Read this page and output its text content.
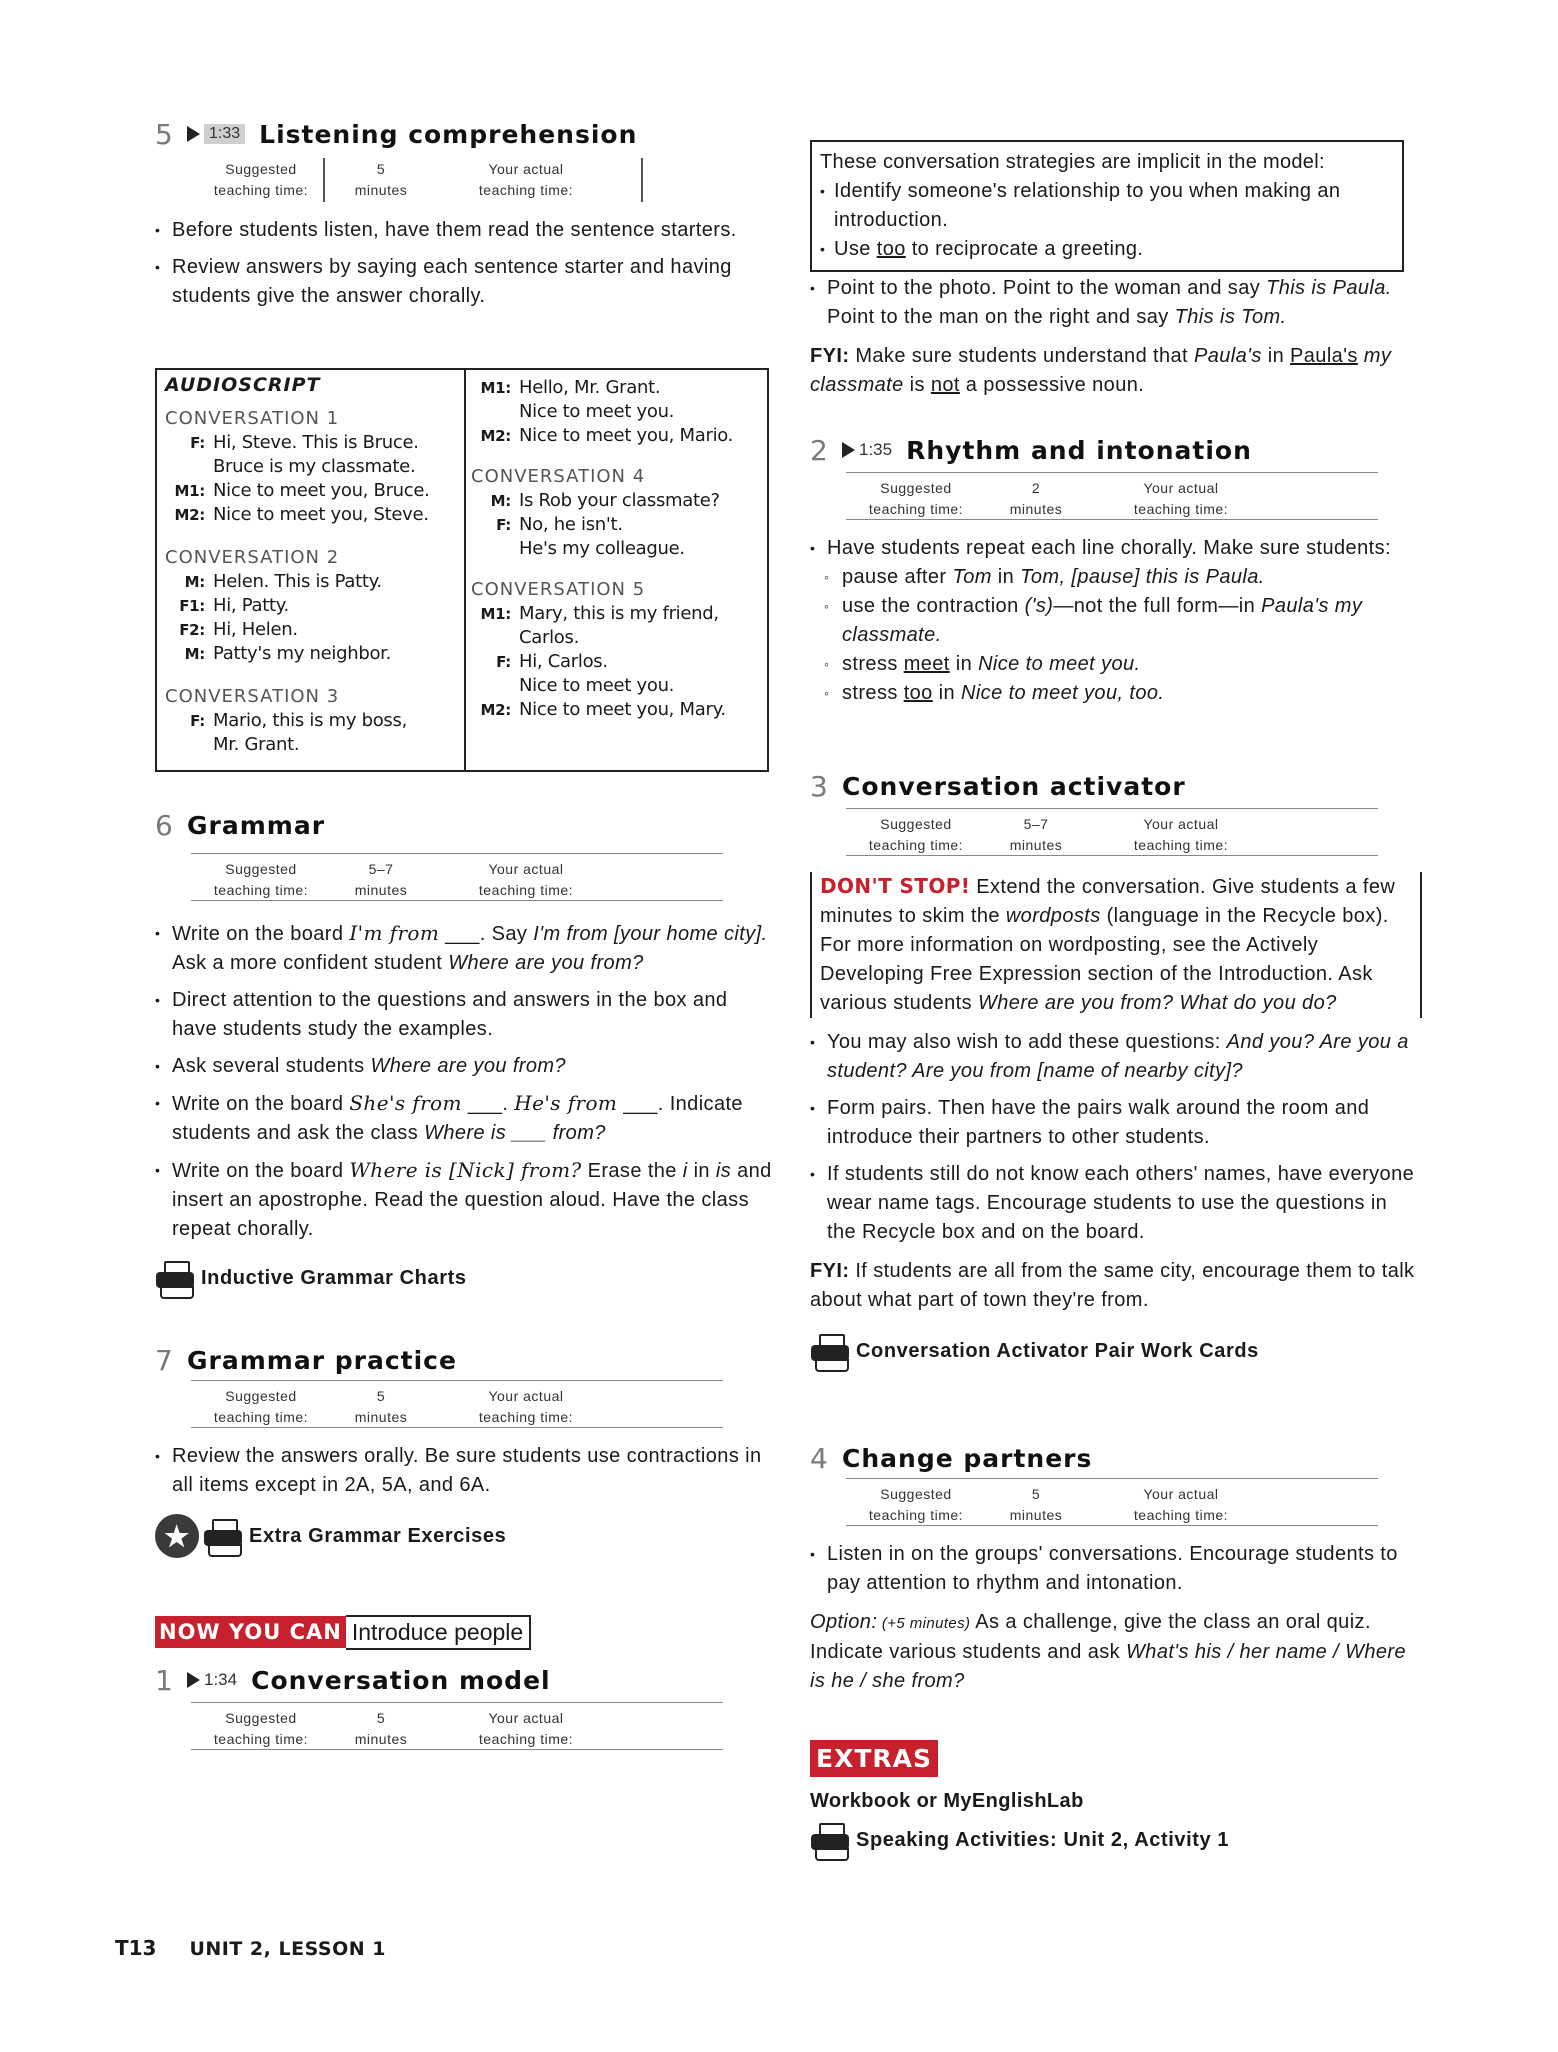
5	1:33 Listening comprehension
Suggested
teaching time:
5
minutes
Your actual
teaching time:
• Before students listen, have them read the sentence starters.
• Review answers by saying each sentence starter and having students give the answer chorally.
AUDIOSCRIPT
CONVERSATION 1
F: Hi, Steve. This is Bruce.
Bruce is my classmate.
M1: Nice to meet you, Bruce.
M2: Nice to meet you, Steve.
CONVERSATION 2
M: Helen. This is Patty.
F1: Hi, Patty.
F2: Hi, Helen.
M: Patty's my neighbor.
CONVERSATION 3
F: Mario, this is my boss,
Mr. Grant.
M1: Hello, Mr. Grant.
Nice to meet you.
M2: Nice to meet you, Mario.
CONVERSATION 4
M: Is Rob your classmate?
F: No, he isn't.
He's my colleague.
CONVERSATION 5
M1: Mary, this is my friend,
Carlos.
F: Hi, Carlos.
Nice to meet you.
M2: Nice to meet you, Mary.
6 Grammar
Suggested
teaching time:
5–7
minutes
Your actual
teaching time:
• Write on the board I'm from ___. Say I'm from [your home city]. Ask a more confident student Where are you from?
• Direct attention to the questions and answers in the box and have students study the examples.
• Ask several students Where are you from?
• Write on the board She's from ___. He's from ___. Indicate students and ask the class Where is ___ from?
• Write on the board Where is [Nick] from? Erase the i in is and insert an apostrophe. Read the question aloud. Have the class repeat chorally.
Inductive Grammar Charts
7 Grammar practice
Suggested
teaching time:
5
minutes
Your actual
teaching time:
• Review the answers orally. Be sure students use contractions in all items except in 2A, 5A, and 6A.
★	Extra Grammar Exercises
NOW YOU CAN Introduce people
1	1:34 Conversation model
Suggested
teaching time:
5
minutes
Your actual
teaching time:
These conversation strategies are implicit in the model:
• Identify someone's relationship to you when making an introduction.
• Use too to reciprocate a greeting.
• Point to the photo. Point to the woman and say This is Paula. Point to the man on the right and say This is Tom.
FYI: Make sure students understand that Paula's in Paula's my classmate is not a possessive noun.
2	1:35 Rhythm and intonation
Suggested
teaching time:
2
minutes
Your actual
teaching time:
• Have students repeat each line chorally. Make sure students:
◦ pause after Tom in Tom, [pause] this is Paula.
◦ use the contraction ('s)—not the full form—in Paula's my classmate.
◦ stress meet in Nice to meet you.
◦ stress too in Nice to meet you, too.
3 Conversation activator
Suggested
teaching time:
5–7
minutes
Your actual
teaching time:
DON'T STOP! Extend the conversation. Give students a few minutes to skim the wordposts (language in the Recycle box). For more information on wordposting, see the Actively Developing Free Expression section of the Introduction. Ask various students Where are you from? What do you do?
• You may also wish to add these questions: And you? Are you a student? Are you from [name of nearby city]?
• Form pairs. Then have the pairs walk around the room and introduce their partners to other students.
• If students still do not know each others' names, have everyone wear name tags. Encourage students to use the questions in the Recycle box and on the board.
FYI: If students are all from the same city, encourage them to talk about what part of town they're from.
Conversation Activator Pair Work Cards
4 Change partners
Suggested
teaching time:
5
minutes
Your actual
teaching time:
• Listen in on the groups' conversations. Encourage students to pay attention to rhythm and intonation.
Option: (+5 minutes) As a challenge, give the class an oral quiz. Indicate various students and ask What's his / her name / Where is he / she from?
EXTRAS
Workbook or MyEnglishLab
Speaking Activities: Unit 2, Activity 1
T13 UNIT 2, LESSON 1
